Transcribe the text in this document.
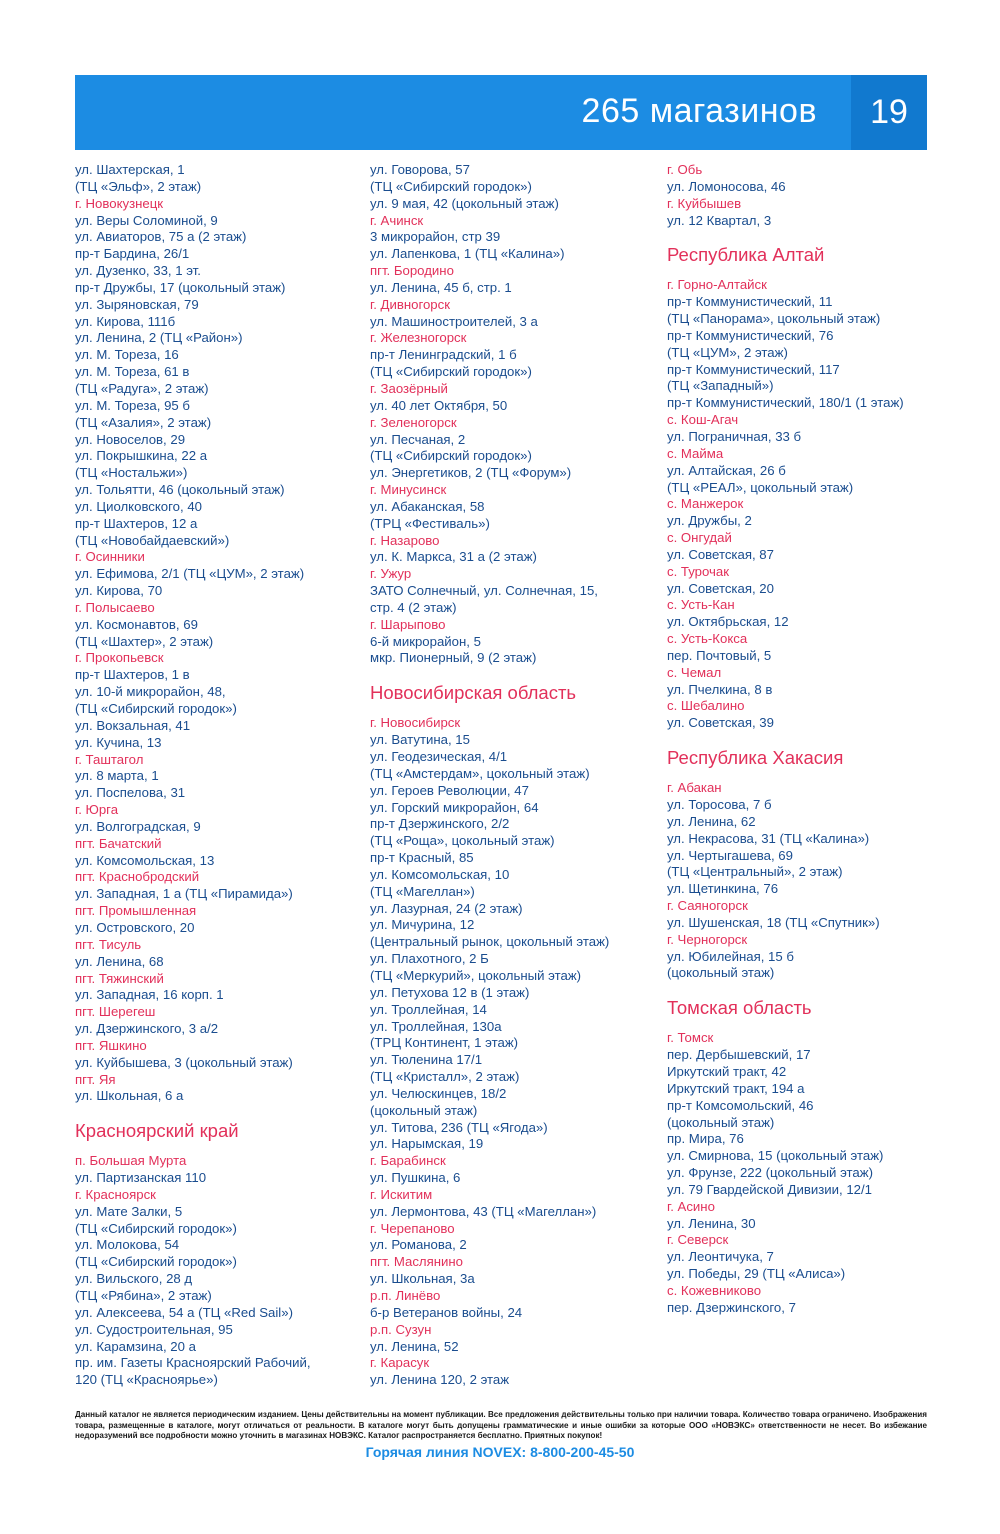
265 магазинов	19
ул. Шахтерская, 1
(ТЦ «Эльф», 2 этаж)
г. Новокузнецк
ул. Веры Соломиной, 9
ул. Авиаторов, 75 а (2 этаж)
пр-т Бардина, 26/1
ул. Дузенко, 33, 1 эт.
пр-т Дружбы, 17 (цокольный этаж)
ул. Зыряновская, 79
ул. Кирова, 111б
ул. Ленина, 2 (ТЦ «Район»)
ул. М. Тореза, 16
ул. М. Тореза, 61 в
(ТЦ «Радуга», 2 этаж)
ул. М. Тореза, 95 б
(ТЦ «Азалия», 2 этаж)
ул. Новоселов, 29
ул. Покрышкина, 22 а
(ТЦ «Ностальжи»)
ул. Тольятти, 46 (цокольный этаж)
ул. Циолковского, 40
пр-т Шахтеров, 12 а
(ТЦ «Новобайдаевский»)
г. Осинники
ул. Ефимова, 2/1 (ТЦ «ЦУМ», 2 этаж)
ул. Кирова, 70
г. Полысаево
ул. Космонавтов, 69
(ТЦ «Шахтер», 2 этаж)
г. Прокопьевск
пр-т Шахтеров, 1 в
ул. 10-й микрорайон, 48,
(ТЦ «Сибирский городок»)
ул. Вокзальная, 41
ул. Кучина, 13
г. Таштагол
ул. 8 марта, 1
ул. Поспелова, 31
г. Юрга
ул. Волгоградская, 9
пгт. Бачатский
ул. Комсомольская, 13
пгт. Краснобродский
ул. Западная, 1 а (ТЦ «Пирамида»)
пгт. Промышленная
ул. Островского, 20
пгт. Тисуль
ул. Ленина, 68
пгт. Тяжинский
ул. Западная, 16 корп. 1
пгт. Шерегеш
ул. Дзержинского, 3 а/2
пгт. Яшкино
ул. Куйбышева, 3 (цокольный этаж)
пгт. Яя
ул. Школьная, 6 а
Красноярский край
п. Большая Мурта
ул. Партизанская 110
г. Красноярск
ул. Мате Залки, 5
(ТЦ «Сибирский городок»)
ул. Молокова, 54
(ТЦ «Сибирский городок»)
ул. Вильского, 28 д
(ТЦ «Рябина», 2 этаж)
ул. Алексеева, 54 а (ТЦ «Red Sail»)
ул. Судостроительная, 95
ул. Карамзина, 20 а
пр. им. Газеты Красноярский Рабочий,
120 (ТЦ «Красноярье»)
ул. Говорова, 57
(ТЦ «Сибирский городок»)
ул. 9 мая, 42 (цокольный этаж)
г. Ачинск
3 микрорайон, стр 39
ул. Лапенкова, 1 (ТЦ «Калина»)
пгт. Бородино
ул. Ленина, 45 б, стр. 1
г. Дивногорск
ул. Машиностроителей, 3 а
г. Железногорск
пр-т Ленинградский, 1 б
(ТЦ «Сибирский городок»)
г. Заозёрный
ул. 40 лет Октября, 50
г. Зеленогорск
ул. Песчаная, 2
(ТЦ «Сибирский городок»)
ул. Энергетиков, 2 (ТЦ «Форум»)
г. Минусинск
ул. Абаканская, 58
(ТРЦ «Фестиваль»)
г. Назарово
ул. К. Маркса, 31 а (2 этаж)
г. Ужур
ЗАТО Солнечный, ул. Солнечная, 15,
стр. 4 (2 этаж)
г. Шарыпово
6-й микрорайон, 5
мкр. Пионерный, 9 (2 этаж)
Новосибирская область
г. Новосибирск
ул. Ватутина, 15
ул. Геодезическая, 4/1
(ТЦ «Амстердам», цокольный этаж)
ул. Героев Революции, 47
ул. Горский микрорайон, 64
пр-т Дзержинского, 2/2
(ТЦ «Роща», цокольный этаж)
пр-т Красный, 85
ул. Комсомольская, 10
(ТЦ «Магеллан»)
ул. Лазурная, 24 (2 этаж)
ул. Мичурина, 12
(Центральный рынок, цокольный этаж)
ул. Плахотного, 2 Б
(ТЦ «Меркурий», цокольный этаж)
ул. Петухова 12 в (1 этаж)
ул. Троллейная, 14
ул. Троллейная, 130а
(ТРЦ Континент, 1 этаж)
ул. Тюленина 17/1
(ТЦ «Кристалл», 2 этаж)
ул. Челюскинцев, 18/2
(цокольный этаж)
ул. Титова, 236 (ТЦ «Ягода»)
ул. Нарымская, 19
г. Барабинск
ул. Пушкина, 6
г. Искитим
ул. Лермонтова, 43 (ТЦ «Магеллан»)
г. Черепаново
ул. Романова, 2
пгт. Маслянино
ул. Школьная, 3а
р.п. Линёво
б-р Ветеранов войны, 24
р.п. Сузун
ул. Ленина, 52
г. Карасук
ул. Ленина 120, 2 этаж
г. Обь
ул. Ломоносова, 46
г. Куйбышев
ул. 12 Квартал, 3
Республика Алтай
г. Горно-Алтайск
пр-т Коммунистический, 11
(ТЦ «Панорама», цокольный этаж)
пр-т Коммунистический, 76
(ТЦ «ЦУМ», 2 этаж)
пр-т Коммунистический, 117
(ТЦ «Западный»)
пр-т Коммунистический, 180/1 (1 этаж)
с. Кош-Агач
ул. Пограничная, 33 б
с. Майма
ул. Алтайская, 26 б
(ТЦ «РЕАЛ», цокольный этаж)
с. Манжерок
ул. Дружбы, 2
с. Онгудай
ул. Советская, 87
с. Турочак
ул. Советская, 20
с. Усть-Кан
ул. Октябрьская, 12
с. Усть-Кокса
пер. Почтовый, 5
с. Чемал
ул. Пчелкина, 8 в
с. Шебалино
ул. Советская, 39
Республика Хакасия
г. Абакан
ул. Торосова, 7 б
ул. Ленина, 62
ул. Некрасова, 31 (ТЦ «Калина»)
ул. Чертыгашева, 69
(ТЦ «Центральный», 2 этаж)
ул. Щетинкина, 76
г. Саяногорск
ул. Шушенская, 18 (ТЦ «Спутник»)
г. Черногорск
ул. Юбилейная, 15 б
(цокольный этаж)
Томская область
г. Томск
пер. Дербышевский, 17
Иркутский тракт, 42
Иркутский тракт, 194 а
пр-т Комсомольский, 46
(цокольный этаж)
пр. Мира, 76
ул. Смирнова, 15 (цокольный этаж)
ул. Фрунзе, 222 (цокольный этаж)
ул. 79 Гвардейской Дивизии, 12/1
г. Асино
ул. Ленина, 30
г. Северск
ул. Леонтичука, 7
ул. Победы, 29 (ТЦ «Алиса»)
с. Кожевниково
пер. Дзержинского, 7
Данный каталог не является периодическим изданием. Цены действительны на момент публикации. Все предложения действительны только при наличии товара. Количество товара ограничено. Изображения товара, размещенные в каталоге, могут отличаться от реальности. В каталоге могут быть допущены грамматические и иные ошибки за которые ООО «НОВЭКС» ответственности не несет. Во избежание недоразумений все подробности можно уточнить в магазинах НОВЭКС. Каталог распространяется бесплатно. Приятных покупок!
Горячая линия NOVEX: 8-800-200-45-50
